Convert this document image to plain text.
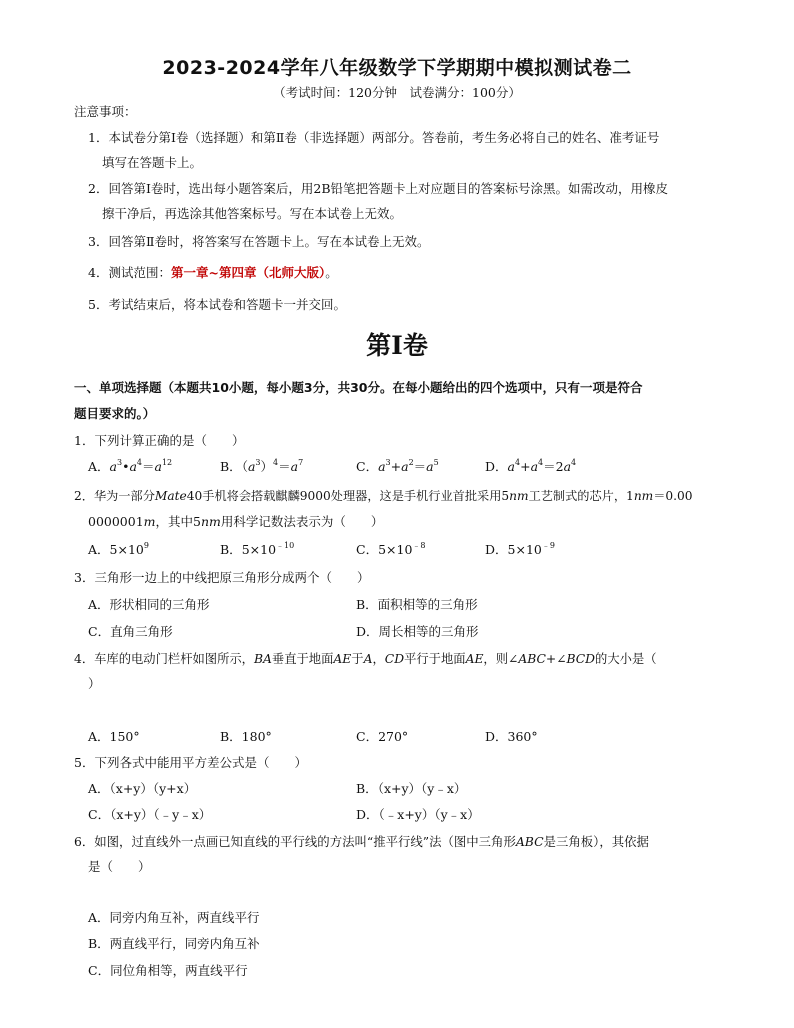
2023-2024学年八年级数学下学期期中模拟测试卷二
（考试时间：120分钟　试卷满分：100分）
注意事项：
1．本试卷分第Ⅰ卷（选择题）和第Ⅱ卷（非选择题）两部分。答卷前，考生务必将自己的姓名、准考证号
填写在答题卡上。
2．回答第Ⅰ卷时，选出每小题答案后，用2B铅笔把答题卡上对应题目的答案标号涂黑。如需改动，用橡皮
擦干净后，再选涂其他答案标号。写在本试卷上无效。
3．回答第Ⅱ卷时，将答案写在答题卡上。写在本试卷上无效。
4．测试范围：第一章~第四章（北师大版）。
5．考试结束后，将本试卷和答题卡一并交回。
第Ⅰ卷
一、单项选择题（本题共10小题，每小题3分，共30分。在每小题给出的四个选项中，只有一项是符合
题目要求的。）
1．下列计算正确的是（　　）
A．$a^3•a^4=a^{12}$	B．$(a^3)^4=a^7$	C．$a^3+a^2=a^5$	D．$a^4+a^4=2a^4$
2．华为一部分Mate40手机将会搭载麒麟9000处理器，这是手机行业首批采用5nm工艺制式的芯片，1nm＝0.00
0000001m，其中5nm用科学记数法表示为（　　）
A．$5\times 10^9$	B．$5\times 10^{﹣10}$	C．$5\times 10^{﹣8}$	D．$5\times 10^{﹣9}$
3．三角形一边上的中线把原三角形分成两个（　　）
A．形状相同的三角形	B．面积相等的三角形
C．直角三角形	D．周长相等的三角形
4．车库的电动门栏杆如图所示，BA垂直于地面AE于A，CD平行于地面AE，则∠ABC+∠BCD的大小是（
）
A．150°	B．180°	C．270°	D．360°
5．下列各式中能用平方差公式是（　　）
A．（x+y）（y+x）	B．（x+y）（y﹣x）
C．（x+y）（﹣y﹣x）	D．（﹣x+y）（y﹣x）
6．如图，过直线外一点画已知直线的平行线的方法叫“推平行线”法（图中三角形ABC是三角板），其依据
是（　　）
A．同旁内角互补，两直线平行
B．两直线平行，同旁内角互补
C．同位角相等，两直线平行
